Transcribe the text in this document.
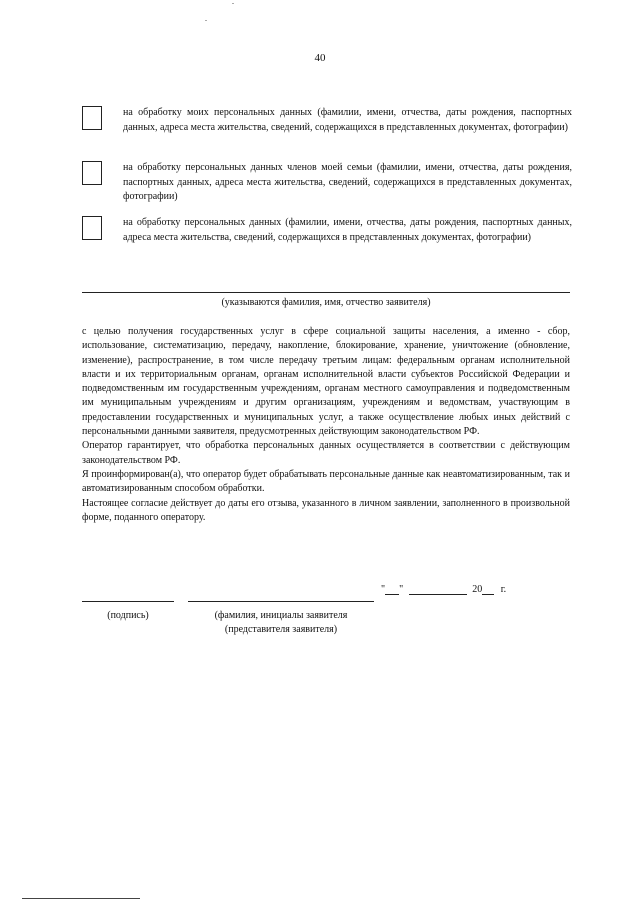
40
на обработку моих персональных данных (фамилии, имени, отчества, даты рождения, паспортных данных, адреса места жительства, сведений, содержащихся в представленных документах, фотографии)
на обработку персональных данных членов моей семьи (фамилии, имени, отчества, даты рождения, паспортных данных, адреса места жительства, сведений, содержащихся в представленных документах, фотографии)
на обработку персональных данных (фамилии, имени, отчества, даты рождения, паспортных данных, адреса места жительства, сведений, содержащихся в представленных документах, фотографии)
(указываются фамилия, имя, отчество заявителя)

с целью получения государственных услуг в сфере социальной защиты населения, а именно - сбор, использование, систематизацию, передачу, накопление, блокирование, хранение, уничтожение (обновление, изменение), распространение, в том числе передачу третьим лицам: федеральным органам исполнительной власти и их территориальным органам, органам исполнительной власти субъектов Российской Федерации и подведомственным им государственным учреждениям, органам местного самоуправления и подведомственным им муниципальным учреждениям и другим организациям, учреждениям и ведомствам, участвующим в предоставлении государственных и муниципальных услуг, а также осуществление любых иных действий с персональными данными заявителя, предусмотренных действующим законодательством РФ.

Оператор гарантирует, что обработка персональных данных осуществляется в соответствии с действующим законодательством РФ.

Я проинформирован(а), что оператор будет обрабатывать персональные данные как неавтоматизированным, так и автоматизированным способом обработки.

Настоящее согласие действует до даты его отзыва, указанного в личном заявлении, заполненного в произвольной форме, поданного оператору.

" "	20 г.
(подпись)	(фамилия, инициалы заявителя
(представителя заявителя)
